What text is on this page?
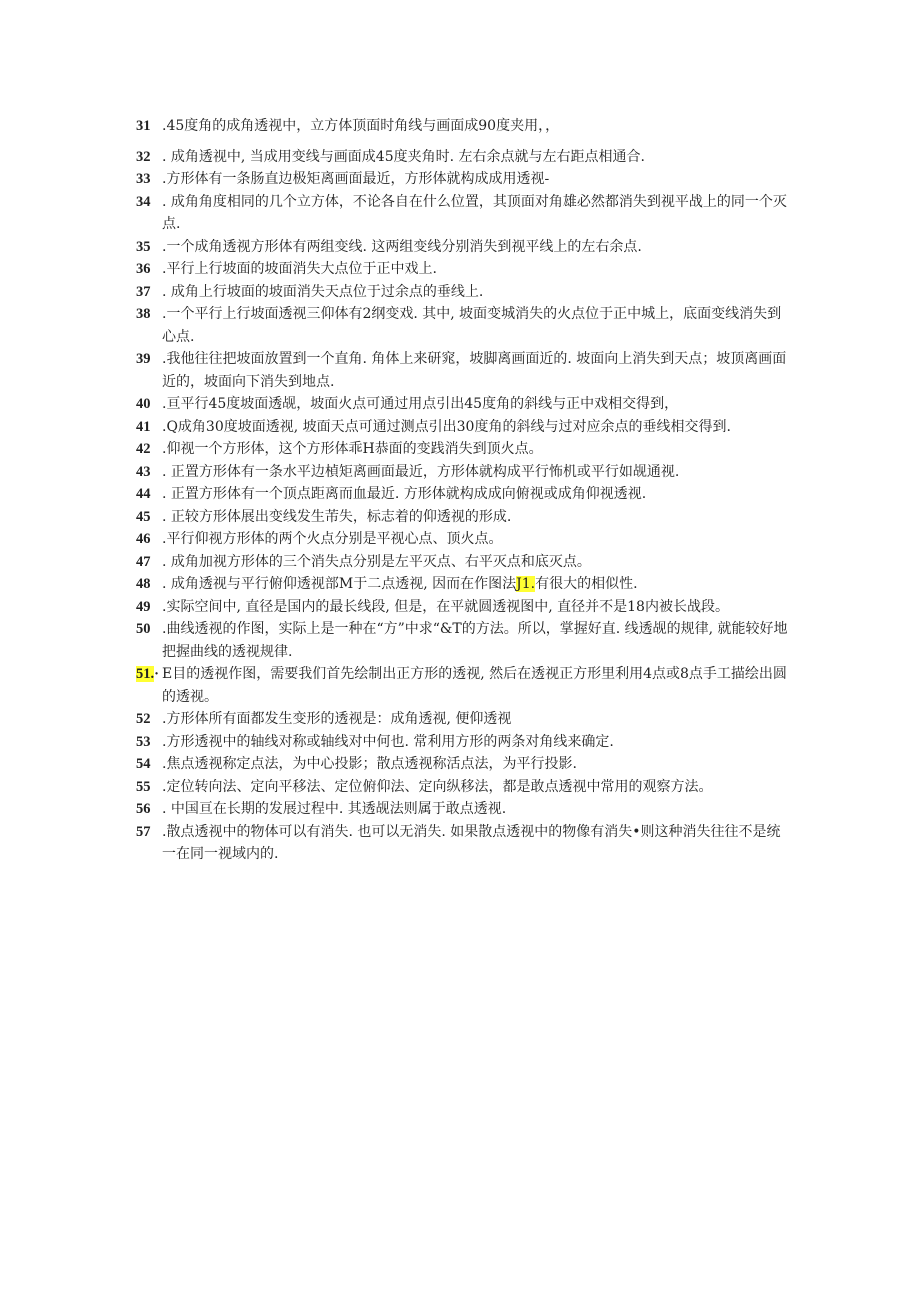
31 .45度角的成角透视中，立方体顶面时角线与画面成90度夹用，，
32 . 成角透视中, 当成用变线与画面成45度夹角时. 左右余点就与左右距点相通合.
33 .方形体有一条肠直边极矩离画面最近，方形体就构成成用透视-
34 . 成角角度相同的几个立方体，不论各自在什么位置，其顶面对角雄必然都消失到视平战上的同一个灭点.
35 .一个成角透视方形体有两组变线. 这两组变线分别消失到视平线上的左右余点.
36 .平行上行坡面的坡面消失大点位于正中戏上.
37 . 成角上行坡面的坡面消失天点位于过余点的垂线上.
38 .一个平行上行坡面透视三仰体有2纲变戏. 其中, 坡面变城消失的火点位于正中城上，底面变线消失到心点.
39 .我他往往把坡面放置到一个直角. 角体上来研窕，坡脚离画面近的. 坡面向上消失到天点；坡顶离画面近的，坡面向下消失到地点.
40 .亘平行45度坡面透觇，坡面火点可通过用点引出45度角的斜线与正中戏相交得到，
41 .Q成角30度坡面透视, 坡面天点可通过测点引出30度角的斜线与过对应余点的垂线相交得到.
42 .仰视一个方形体，这个方形体乖H恭面的变践消失到顶火点。
43 . 正置方形体有一条水平边楨矩离画面最近，方形体就构成平行怖机或平行如觇通视.
44 . 正置方形体有一个顶点距离而血最近. 方形体就构成成向俯视或成角仰视透视.
45 . 正较方形体展出变线发生芾失，标志着的仰透视的形成.
46 .平行仰视方形体的两个火点分别是平视心点、顶火点。
47 . 成角加视方形体的三个消失点分别是左平灭点、右平灭点和底灭点。
48 . 成角透视与平行俯仰透视部M于二点透视, 因而在作图法J1.有很大的相似性.
49 .实际空间中, 直径是国内的最长线段, 但是，在平就圆透视图中, 直径并不是18内被长战段。
50 .曲线透视的作图，实际上是一种在“方”中求“&T的方法。所以，掌握好直. 线透觇的规律, 就能较好地把握曲线的透视规律.
51.· E目的透视作图，需要我们首先绘制出正方形的透视, 然后在透视正方形里利用4点或8点手工描绘出圆的透视。
52 .方形体所有面都发生变形的透视是：成角透视, 便仰透视
53 .方形透视中的轴线对称或轴线对中何也. 常利用方形的两条对角线来确定.
54 .焦点透视称定点法，为中心投影；散点透视称活点法，为平行投影.
55 .定位转向法、定向平移法、定位俯仰法、定向纵移法，都是敢点透视中常用的观察方法。
56 . 中国亘在长期的发展过程中. 其透觇法则属于敢点透视.
57 .散点透视中的物体可以有消失. 也可以无消失. 如果散点透视中的物像有消失•则这种消失往往不是统一在同一视域内的.
